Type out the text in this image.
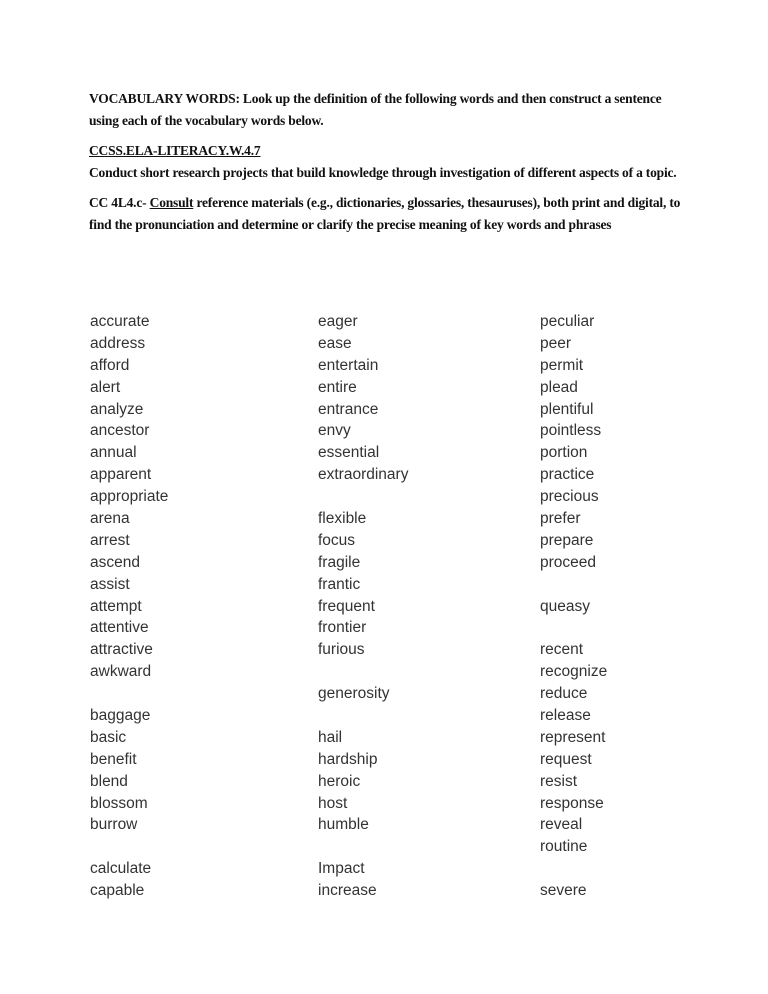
VOCABULARY WORDS: Look up the definition of the following words and then construct a sentence using each of the vocabulary words below.
CCSS.ELA-LITERACY.W.4.7
Conduct short research projects that build knowledge through investigation of different aspects of a topic.
CC 4L4.c- Consult reference materials (e.g., dictionaries, glossaries, thesauruses), both print and digital, to find the pronunciation and determine or clarify the precise meaning of key words and phrases
accurate
address
afford
alert
analyze
ancestor
annual
apparent
appropriate
arena
arrest
ascend
assist
attempt
attentive
attractive
awkward
baggage
basic
benefit
blend
blossom
burrow
calculate
capable
eager
ease
entertain
entire
entrance
envy
essential
extraordinary
flexible
focus
fragile
frantic
frequent
frontier
furious
generosity
hail
hardship
heroic
host
humble
Impact
increase
peculiar
peer
permit
plead
plentiful
pointless
portion
practice
precious
prefer
prepare
proceed
queasy
recent
recognize
reduce
release
represent
request
resist
response
reveal
routine
severe
